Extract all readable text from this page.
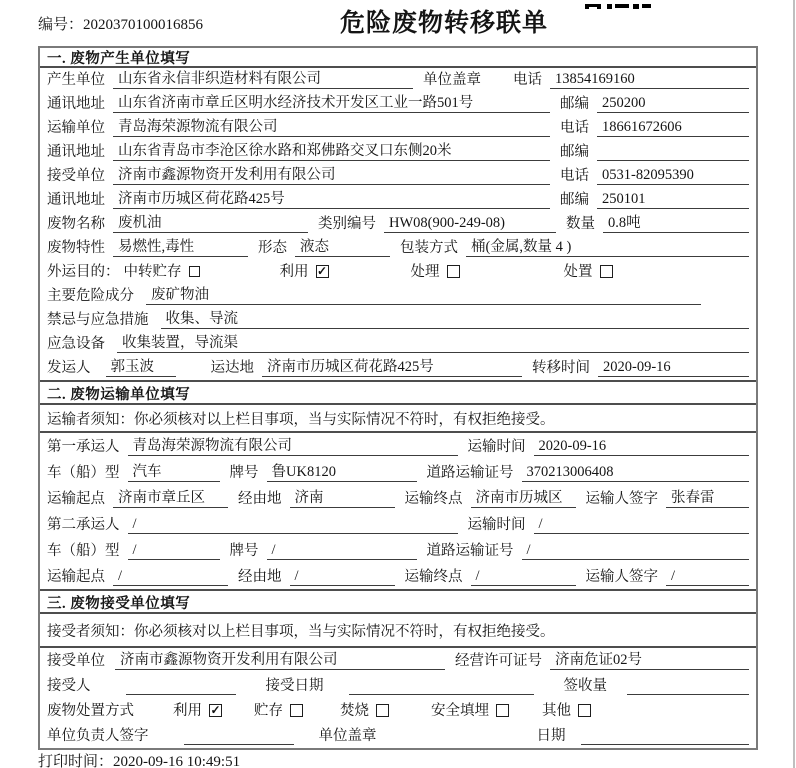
编号：2020370100016856	危险废物转移联单
一. 废物产生单位填写
产生单位 山东省永信非织造材料有限公司	单位盖章 电话 13854169160
通讯地址 山东省济南市章丘区明水经济技术开发区工业一路501号	邮编 250200
运输单位 青岛海荣源物流有限公司	电话 18661672606
通讯地址 山东省青岛市李沧区徐水路和郑佛路交叉口东侧20米	邮编
接受单位 济南市鑫源物资开发利用有限公司	电话 0531-82095390
通讯地址 济南市历城区荷花路425号	邮编 250101
废物名称 废机油	类别编号 HW08(900-249-08)	数量 0.8吨
废物特性 易燃性,毒性	形态 液态	包装方式 桶(金属,数量 4 )
外运目的： 中转贮存	利用 ✓	处理	处置
主要危险成分	废矿物油
禁忌与应急措施	收集、导流
应急设备	收集装置，导流渠
发运人	郭玉波	运达地 济南市历城区荷花路425号	转移时间 2020-09-16
二. 废物运输单位填写
运输者须知：你必须核对以上栏目事项，当与实际情况不符时，有权拒绝接受。
第一承运人 青岛海荣源物流有限公司	运输时间 2020-09-16
车（船）型 汽车	牌号 鲁UK8120	道路运输证号 370213006408
运输起点 济南市章丘区	经由地 济南	运输终点 济南市历城区	运输人签字 张春雷
第二承运人 /	运输时间 /
车（船）型 /	牌号 /	道路运输证号 /
运输起点 /	经由地 /	运输终点 /	运输人签字 /
三. 废物接受单位填写
接受者须知：你必须核对以上栏目事项，当与实际情况不符时，有权拒绝接受。
接受单位	济南市鑫源物资开发利用有限公司	经营许可证号 济南危证02号
接受人	接受日期	签收量
废物处置方式	利用 ✓ 贮存	焚烧	安全填埋	其他
单位负责人签字	单位盖章	日期
打印时间：2020-09-16 10:49:51
